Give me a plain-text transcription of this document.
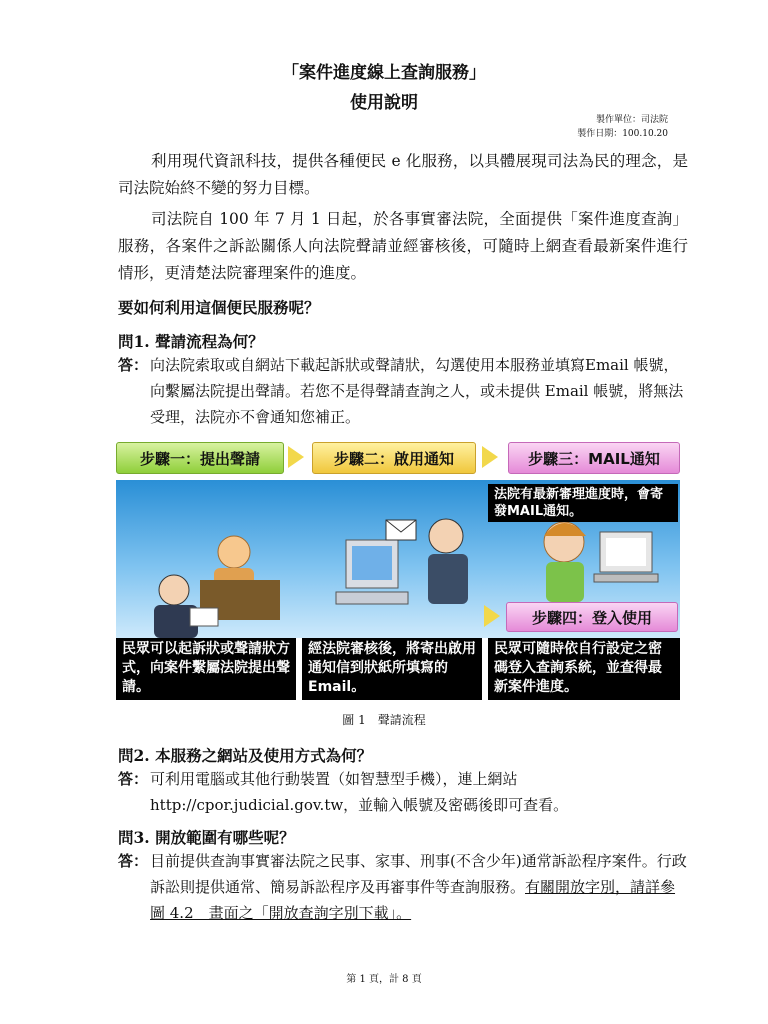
「案件進度線上查詢服務」
使用說明
製作單位：司法院
製作日期：100.10.20
利用現代資訊科技，提供各種便民 e 化服務，以具體展現司法為民的理念，是司法院始終不變的努力目標。
司法院自 100 年 7 月 1 日起，於各事實審法院，全面提供「案件進度查詢」服務，各案件之訴訟關係人向法院聲請並經審核後，可隨時上網查看最新案件進行情形，更清楚法院審理案件的進度。
要如何利用這個便民服務呢？
問1. 聲請流程為何？
答： 向法院索取或自網站下載起訴狀或聲請狀，勾選使用本服務並填寫Email 帳號，向繫屬法院提出聲請。若您不是得聲請查詢之人，或未提供 Email 帳號，將無法受理，法院亦不會通知您補正。
步驟一：提出聲請	步驟二：啟用通知	步驟三：MAIL通知
法院有最新審理進度時，會寄發MAIL通知。
步驟四：登入使用
民眾可以起訴狀或聲請狀方式，向案件繫屬法院提出聲請。
經法院審核後，將寄出啟用通知信到狀紙所填寫的Email。
民眾可隨時依自行設定之密碼登入查詢系統，並查得最新案件進度。
圖 1　聲請流程
問2. 本服務之網站及使用方式為何？
答： 可利用電腦或其他行動裝置（如智慧型手機），連上網站http://cpor.judicial.gov.tw，並輸入帳號及密碼後即可查看。
問3. 開放範圍有哪些呢？
答： 目前提供查詢事實審法院之民事、家事、刑事(不含少年)通常訴訟程序案件。行政訴訟則提供通常、簡易訴訟程序及再審事件等查詢服務。有關開放字別，請詳參圖 4.2　畫面之「開放查詢字別下載」。
第 1 頁，計 8 頁
